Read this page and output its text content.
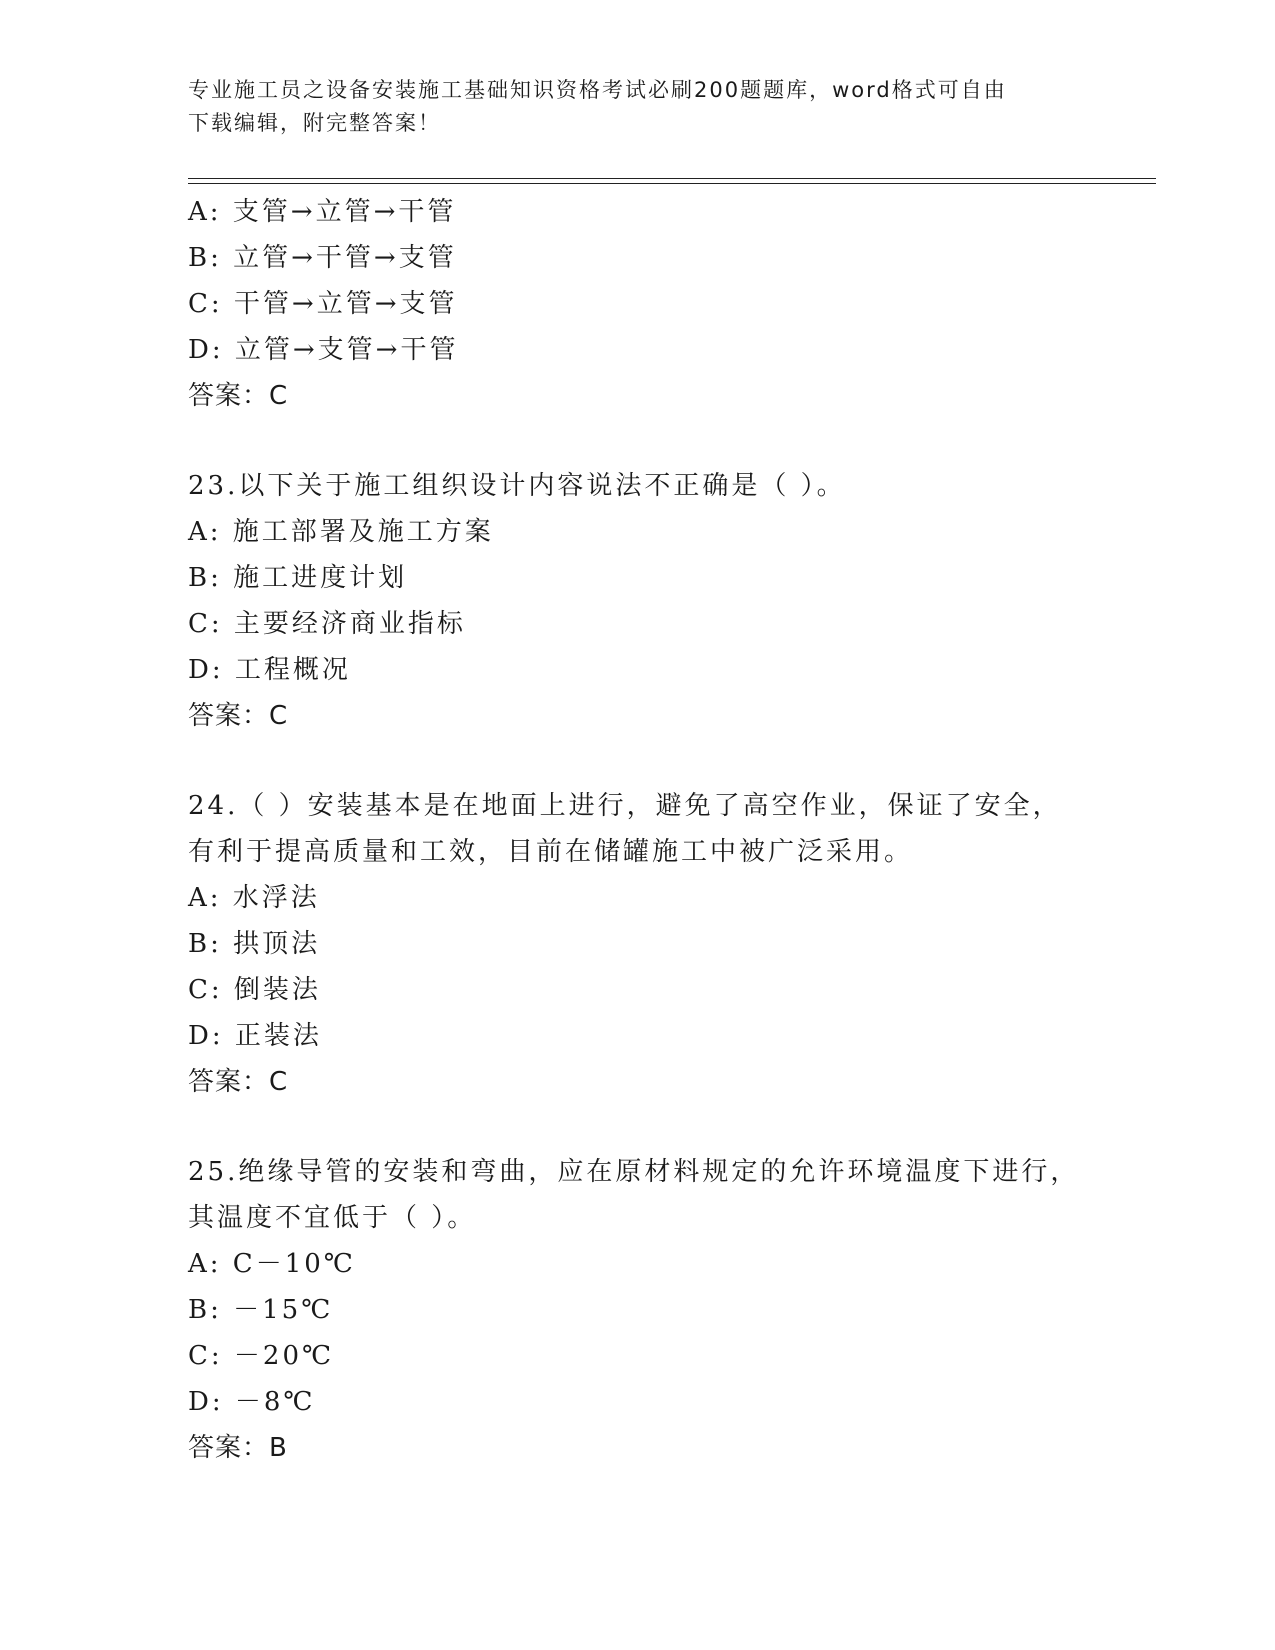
专业施工员之设备安装施工基础知识资格考试必刷200题题库，word格式可自由
下载编辑，附完整答案！
A: 支管→立管→干管
B: 立管→干管→支管
C: 干管→立管→支管
D: 立管→支管→干管
答案：C
23.以下关于施工组织设计内容说法不正确是（ ）。
A: 施工部署及施工方案
B: 施工进度计划
C: 主要经济商业指标
D: 工程概况
答案：C
24.（ ）安装基本是在地面上进行，避免了高空作业，保证了安全，
有利于提高质量和工效，目前在储罐施工中被广泛采用。
A: 水浮法
B: 拱顶法
C: 倒装法
D: 正装法
答案：C
25.绝缘导管的安装和弯曲，应在原材料规定的允许环境温度下进行，
其温度不宜低于（ ）。
A: C－10℃
B: －15℃
C: －20℃
D: －8℃
答案：B
